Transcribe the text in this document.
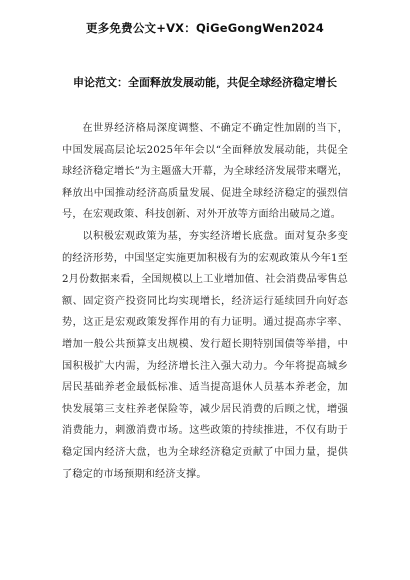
更多免费公文+VX：QiGeGongWen2024
申论范文：全面释放发展动能，共促全球经济稳定增长

在世界经济格局深度调整、不确定不确定性加剧的当下，中国发展高层论坛2025年年会以“全面释放发展动能，共促全球经济稳定增长”为主题盛大开幕，为全球经济发展带来曙光，释放出中国推动经济高质量发展、促进全球经济稳定的强烈信号，在宏观政策、科技创新、对外开放等方面给出破局之道。

以积极宏观政策为基，夯实经济增长底盘。面对复杂多变的经济形势，中国坚定实施更加积极有为的宏观政策从今年1至2月份数据来看，全国规模以上工业增加值、社会消费品零售总额、固定资产投资同比均实现增长，经济运行延续回升向好态势，这正是宏观政策发挥作用的有力证明。通过提高赤字率、增加一般公共预算支出规模、发行超长期特别国债等举措，中国积极扩大内需，为经济增长注入强大动力。今年将提高城乡居民基础养老金最低标准、适当提高退休人员基本养老金，加快发展第三支柱养老保险等，减少居民消费的后顾之忧，增强消费能力，刺激消费市场。这些政策的持续推进，不仅有助于稳定国内经济大盘，也为全球经济稳定贡献了中国力量，提供了稳定的市场预期和经济支撑。
